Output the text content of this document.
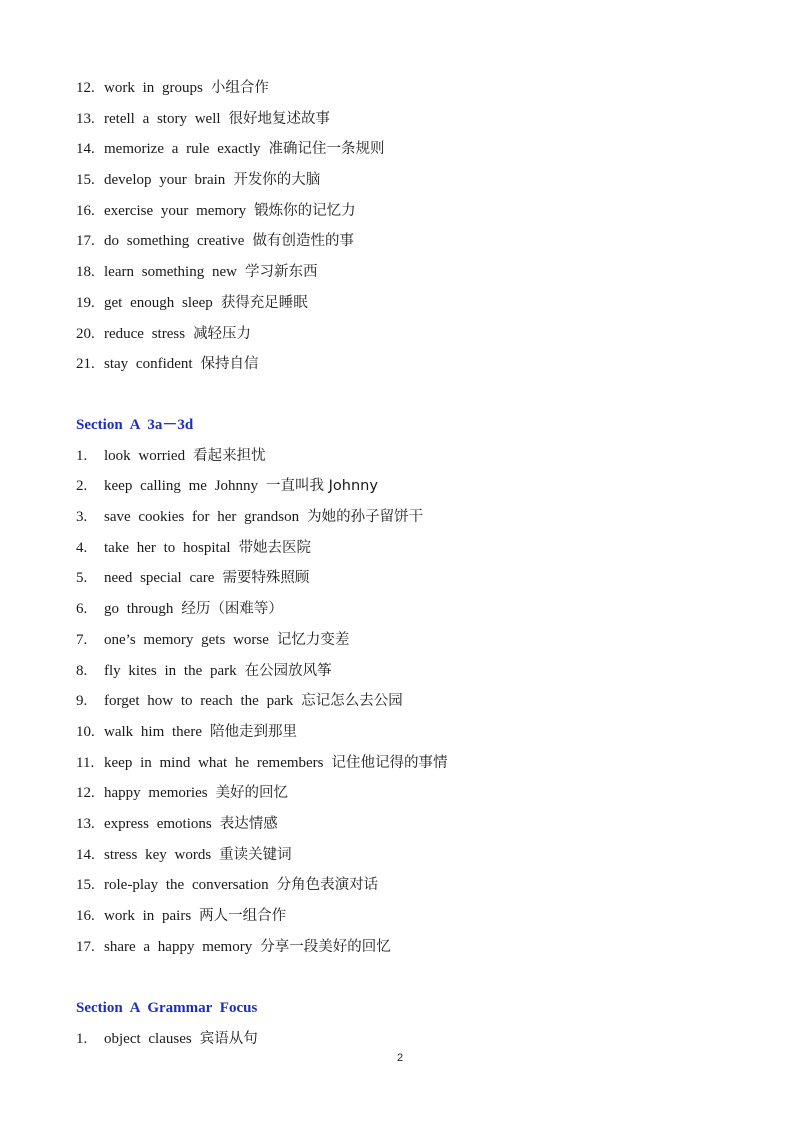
12. work in groups 小组合作
13. retell a story well 很好地复述故事
14. memorize a rule exactly 准确记住一条规则
15. develop your brain 开发你的大脑
16. exercise your memory 锻炼你的记忆力
17. do something creative 做有创造性的事
18. learn something new 学习新东西
19. get enough sleep 获得充足睡眠
20. reduce stress 减轻压力
21. stay confident 保持自信
Section A 3a－3d
1.	look worried 看起来担忧
2.	keep calling me Johnny 一直叫我 Johnny
3.	save cookies for her grandson 为她的孙子留饼干
4.	take her to hospital 带她去医院
5.	need special care 需要特殊照顾
6.	go through 经历（困难等）
7.	one’s memory gets worse 记忆力变差
8.	fly kites in the park 在公园放风筝
9.	forget how to reach the park 忘记怎么去公园
10. walk him there 陪他走到那里
11. keep in mind what he remembers 记住他记得的事情
12. happy memories 美好的回忆
13. express emotions 表达情感
14. stress key words 重读关键词
15. role-play the conversation 分角色表演对话
16. work in pairs 两人一组合作
17. share a happy memory 分享一段美好的回忆
Section A Grammar Focus
1.	object clauses 宾语从句
2
